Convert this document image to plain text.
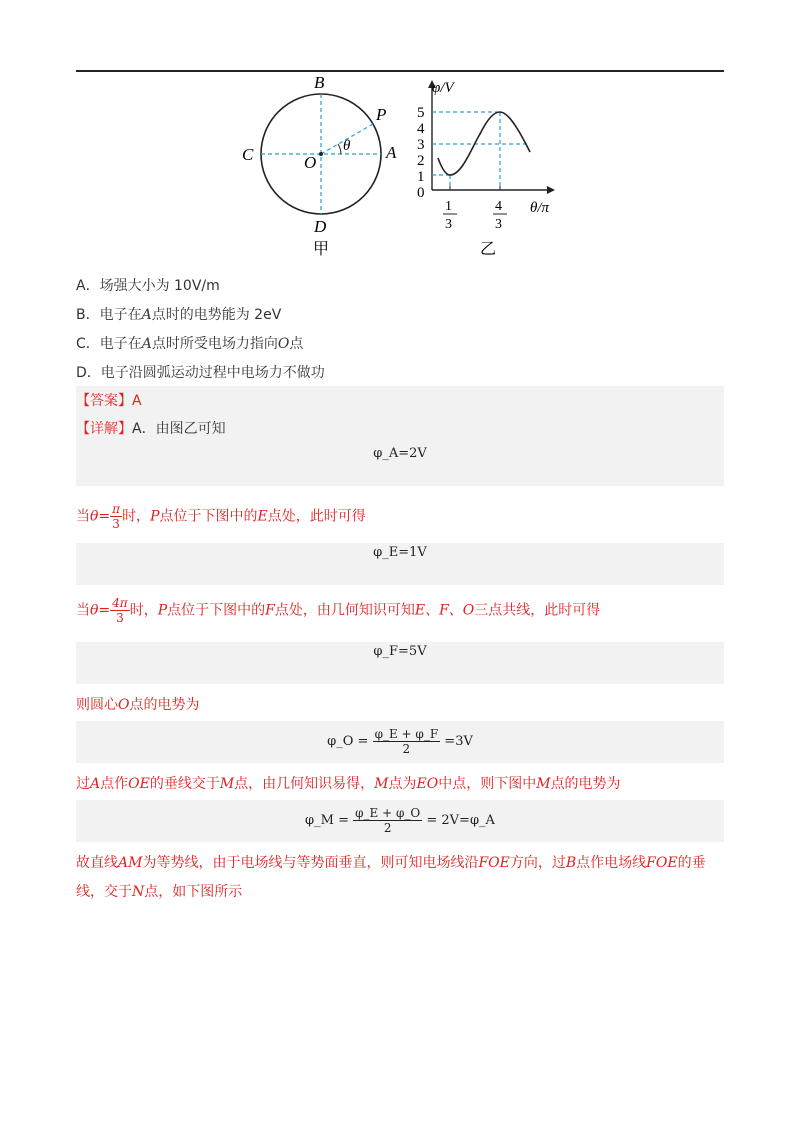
B
P
C	O
θ A
D
甲
φ/V
θ/π
5
4
3
2
1
0
1
3
4
3
乙
A．场强大小为 10V/m
B．电子在A点时的电势能为 2eV
C．电子在A点时所受电场力指向O点
D．电子沿圆弧运动过程中电场力不做功
【答案】A
【详解】A．由图乙可知
φ_A=2V
当$\theta= \frac{\pi}{3}$时，P点位于下图中的E点处，此时可得
φ_E=1V
当$\theta= \frac{4\pi}{3}$时，P点位于下图中的F点处，由几何知识可知E、F、O三点共线，此时可得
φ_F=5V
则圆心O点的电势为
φ_O = $\frac{\varphi\_E + \varphi\_F}{2} =3V$
过A点作OE的垂线交于M点，由几何知识易得，M点为EO中点，则下图中M点的电势为
φ_M = $\frac{\varphi\_E + \varphi\_O}{2}$ = 2V=φ_A
故直线AM为等势线，由于电场线与等势面垂直，则可知电场线沿FOE方向，过B点作电场线FOE的垂
线，交于N点，如下图所示
